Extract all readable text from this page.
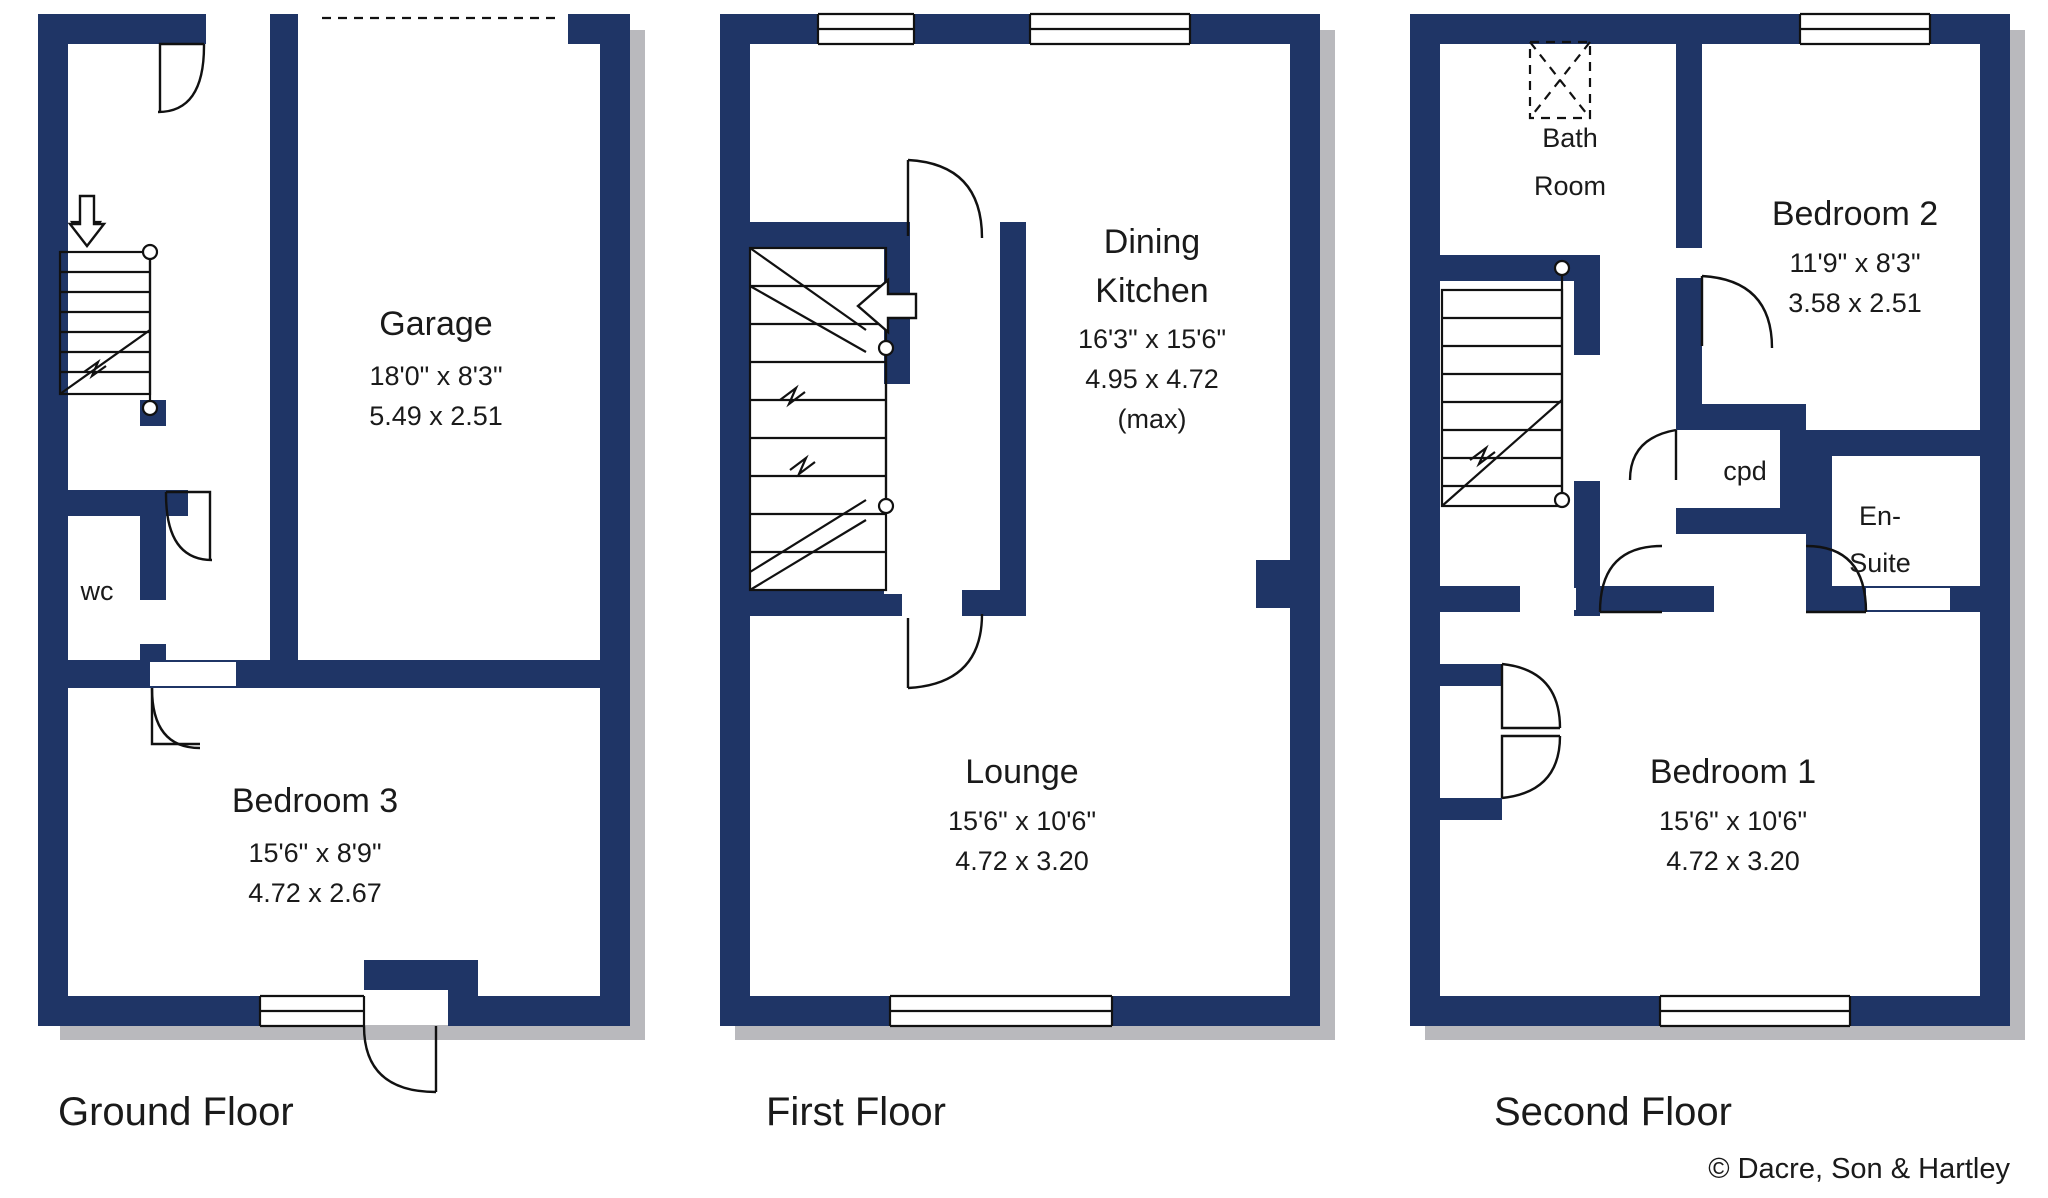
Garage
18'0" x 8'3"
5.49 x 2.51
wc
Bedroom 3
15'6" x 8'9"
4.72 x 2.67
Ground Floor
Dining
Kitchen
16'3" x 15'6"
4.95 x 4.72
(max)
Lounge
15'6" x 10'6"
4.72 x 3.20
First Floor
Bath
Room
Bedroom 2
11'9" x 8'3"
3.58 x 2.51
cpd
En-
Suite
Bedroom 1
15'6" x 10'6"
4.72 x 3.20
Second Floor
© Dacre, Son & Hartley
